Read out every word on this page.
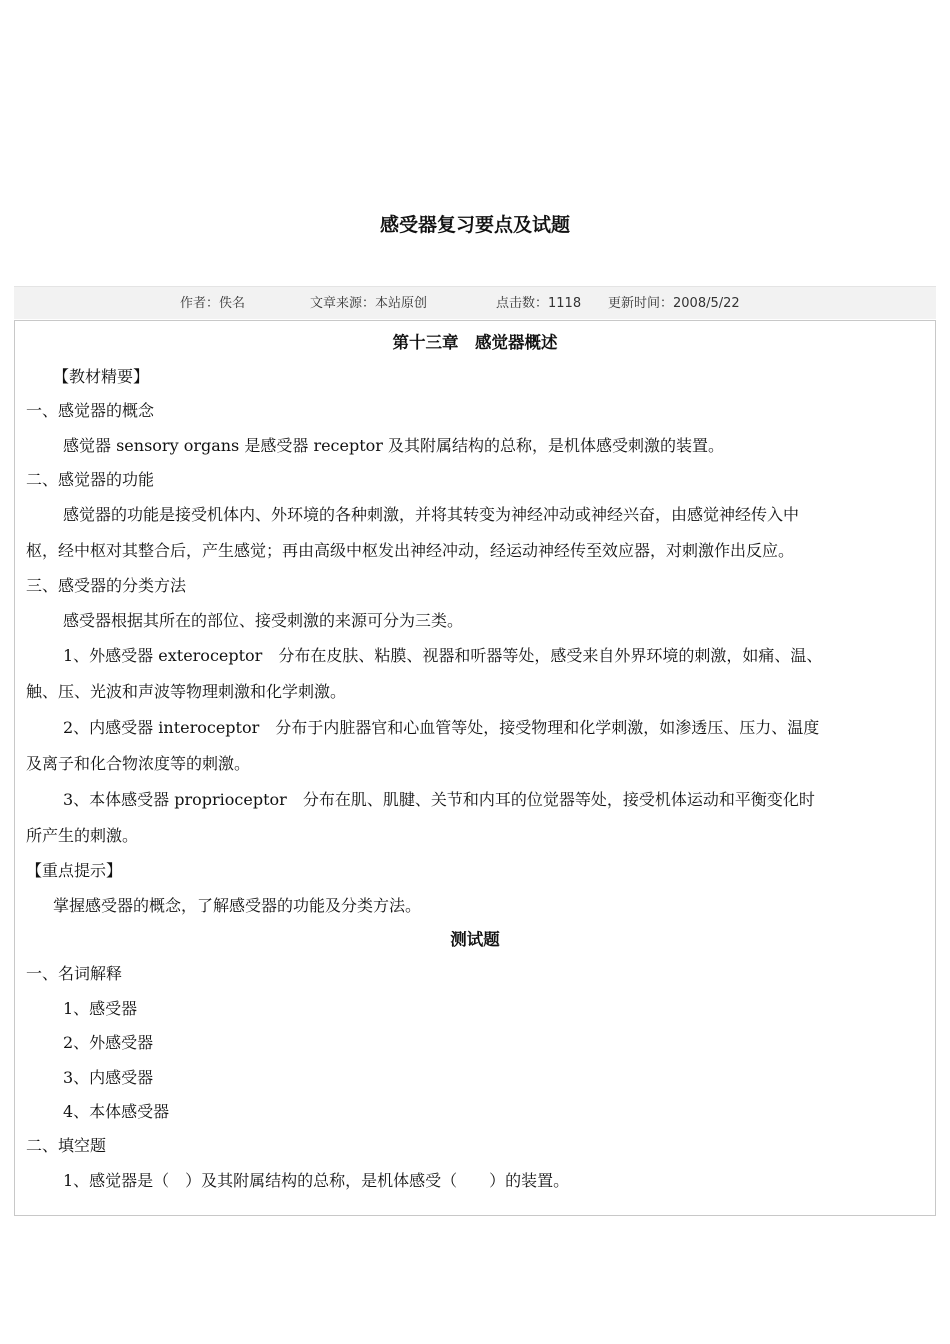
感受器复习要点及试题
作者：佚名	文章来源：本站原创	点击数：1118 更新时间：2008/5/22
第十三章　感觉器概述
【教材精要】
一、感觉器的概念
感觉器 sensory organs 是感受器 receptor 及其附属结构的总称，是机体感受刺激的装置。
二、感觉器的功能
感觉器的功能是接受机体内、外环境的各种刺激，并将其转变为神经冲动或神经兴奋，由感觉神经传入中
枢，经中枢对其整合后，产生感觉；再由高级中枢发出神经冲动，经运动神经传至效应器，对刺激作出反应。
三、感受器的分类方法
感受器根据其所在的部位、接受刺激的来源可分为三类。
1、外感受器 exteroceptor　分布在皮肤、粘膜、视器和听器等处，感受来自外界环境的刺激，如痛、温、
触、压、光波和声波等物理刺激和化学刺激。
2、内感受器 interoceptor　分布于内脏器官和心血管等处，接受物理和化学刺激，如渗透压、压力、温度
及离子和化合物浓度等的刺激。
3、本体感受器 proprioceptor　分布在肌、肌腱、关节和内耳的位觉器等处，接受机体运动和平衡变化时
所产生的刺激。
【重点提示】
掌握感受器的概念，了解感受器的功能及分类方法。
测试题
一、名词解释
1、感受器
2、外感受器
3、内感受器
4、本体感受器
二、填空题
1、感觉器是（　）及其附属结构的总称，是机体感受（　　）的装置。
